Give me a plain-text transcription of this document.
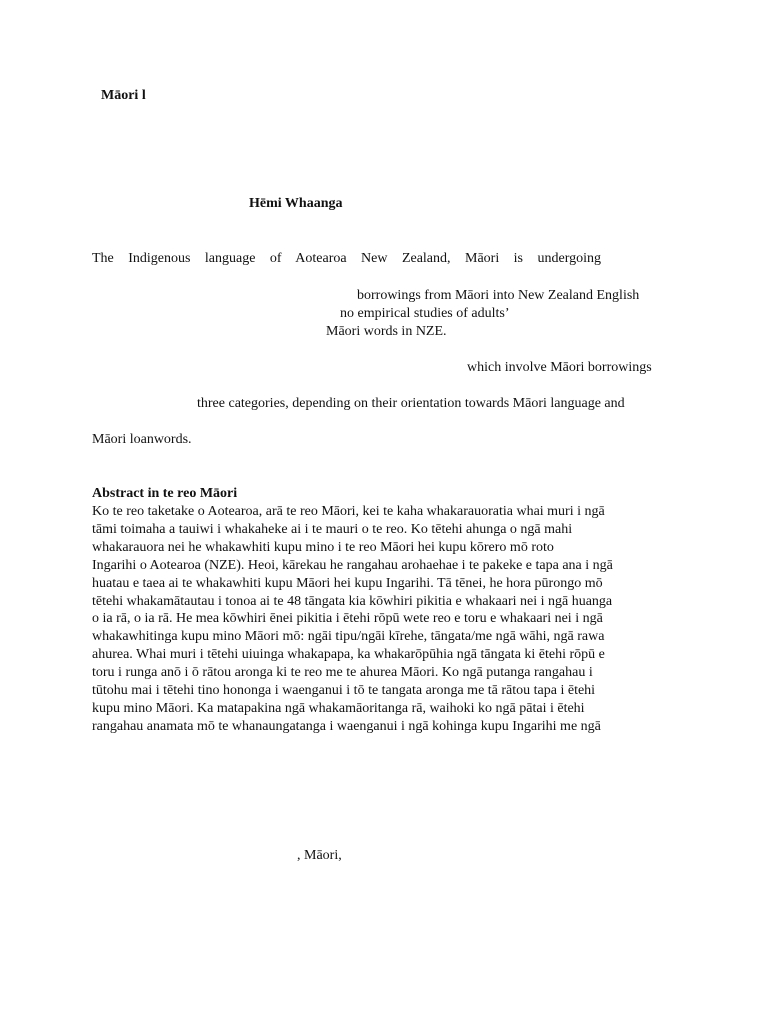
Māori l
Hēmi Whaanga
The Indigenous language of Aotearoa New Zealand, Māori is undergoing
borrowings from Māori into New Zealand English
no empirical studies of adults’
Māori words in NZE.
which involve Māori borrowings
three categories, depending on their orientation towards Māori language and
Māori loanwords.
Abstract in te reo Māori
Ko te reo taketake o Aotearoa, arā te reo Māori, kei te kaha whakarauoratia whai muri i ngā
tāmi toimaha a tauiwi i whakaheke ai i te mauri o te reo. Ko tētehi ahunga o ngā mahi
whakarauora nei he whakawhiti kupu mino i te reo Māori hei kupu kōrero mō roto
Ingarihi o Aotearoa (NZE). Heoi, kārekau he rangahau arohaehae i te pakeke e tapa ana i ngā
huatau e taea ai te whakawhiti kupu Māori hei kupu Ingarihi. Tā tēnei, he hora pūrongo mō
tētehi whakamātautau i tonoa ai te 48 tāngata kia kōwhiri pikitia e whakaari nei i ngā huanga
o ia rā, o ia rā. He mea kōwhiri ēnei pikitia i ētehi rōpū wete reo e toru e whakaari nei i ngā
whakawhitinga kupu mino Māori mō: ngāi tipu/ngāi kīrehe, tāngata/me ngā wāhi, ngā rawa
ahurea. Whai muri i tētehi uiuinga whakapapa, ka whakarōpūhia ngā tāngata ki ētehi rōpū e
toru i runga anō i ō rātou aronga ki te reo me te ahurea Māori. Ko ngā putanga rangahau i
tūtohu mai i tētehi tino hononga i waenganui i tō te tangata aronga me tā rātou tapa i ētehi
kupu mino Māori. Ka matapakina ngā whakamāoritanga rā, waihoki ko ngā pātai i ētehi
rangahau anamata mō te whanaungatanga i waenganui i ngā kohinga kupu Ingarihi me ngā
, Māori,
